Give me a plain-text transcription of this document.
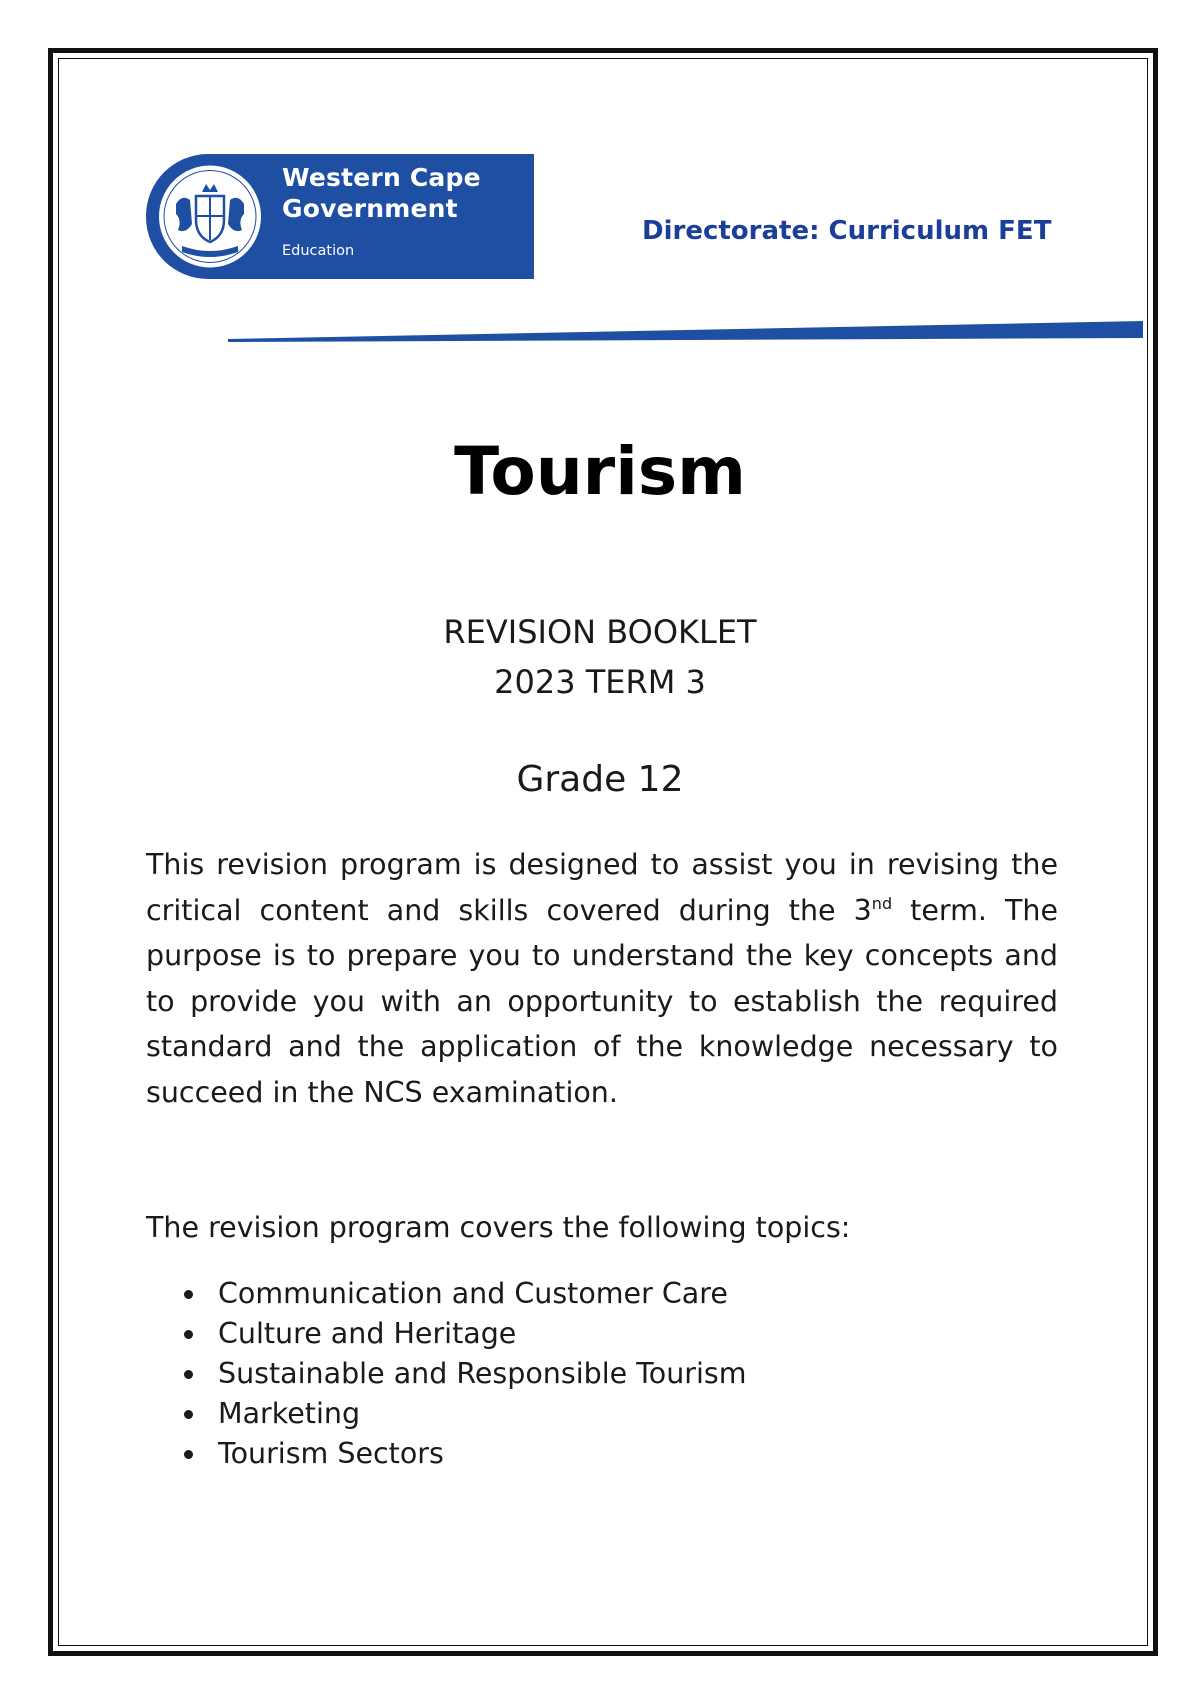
Western Cape
Government
Education
Directorate: Curriculum FET
Tourism
REVISION BOOKLET
2023 TERM 3
Grade 12

This revision program is designed to assist you in revising the critical content and skills covered during the 3nd term. The purpose is to prepare you to understand the key concepts and to provide you with an opportunity to establish the required standard and the application of the knowledge necessary to succeed in the NCS examination.

The revision program covers the following topics:
Communication and Customer Care
Culture and Heritage
Sustainable and Responsible Tourism
Marketing
Tourism Sectors
